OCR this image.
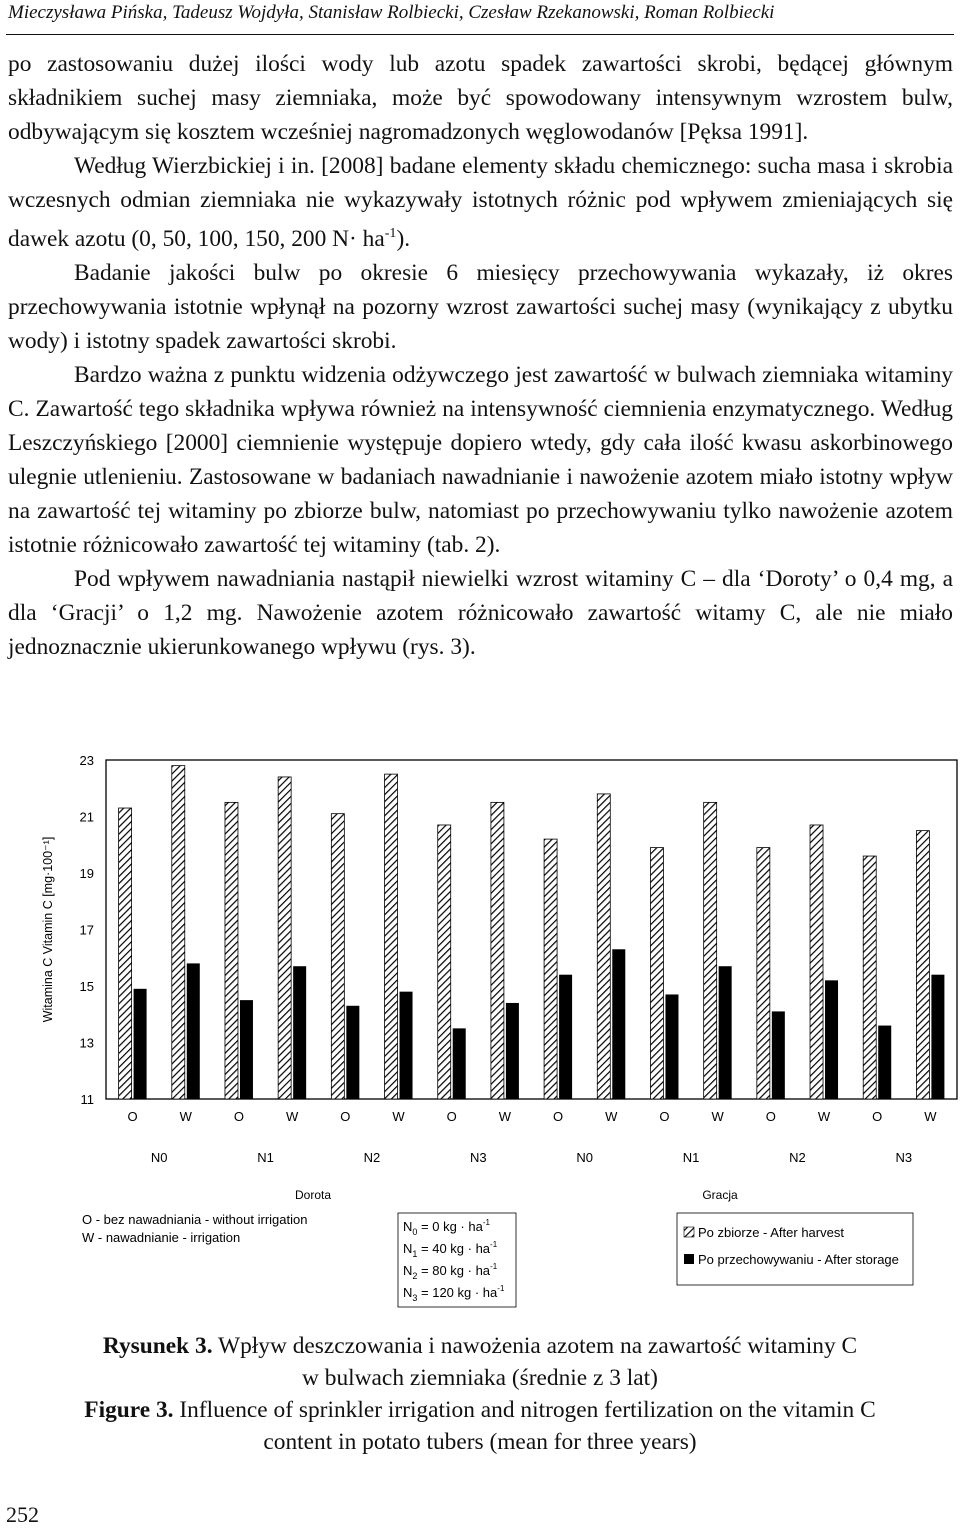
Mieczysława Pińska, Tadeusz Wojdyła, Stanisław Rolbiecki, Czesław Rzekanowski, Roman Rolbiecki

po zastosowaniu dużej ilości wody lub azotu spadek zawartości skrobi, będącej głównym składnikiem suchej masy ziemniaka, może być spowodowany intensywnym wzrostem bulw, odbywającym się kosztem wcześniej nagromadzonych węglowodanów [Pęksa 1991].

Według Wierzbickiej i in. [2008] badane elementy składu chemicznego: sucha masa i skrobia wczesnych odmian ziemniaka nie wykazywały istotnych różnic pod wpływem zmieniających się dawek azotu (0, 50, 100, 150, 200 $N\cdot ha^{-1}$).

Badanie jakości bulw po okresie 6 miesięcy przechowywania wykazały, iż okres przechowywania istotnie wpłynął na pozorny wzrost zawartości suchej masy (wynikający z ubytku wody) i istotny spadek zawartości skrobi.

Bardzo ważna z punktu widzenia odżywczego jest zawartość w bulwach ziemniaka witaminy C. Zawartość tego składnika wpływa również na intensywność ciemnienia enzymatycznego. Według Leszczyńskiego [2000] ciemnienie występuje dopiero wtedy, gdy cała ilość kwasu askorbinowego ulegnie utlenieniu. Zastosowane w badaniach nawadnianie i nawożenie azotem miało istotny wpływ na zawartość tej witaminy po zbiorze bulw, natomiast po przechowywaniu tylko nawożenie azotem istotnie różnicowało zawartość tej witaminy (tab. 2).

Pod wpływem nawadniania nastąpił niewielki wzrost witaminy C – dla ‘Doroty’ o 0,4 mg, a dla ‘Gracji’ o 1,2 mg. Nawożenie azotem różnicowało zawartość witamy C, ale nie miało jednoznacznie ukierunkowanego wpływu (rys. 3).

23
21
19
17
15
13
11
Witamina C Vitamin C [mg·100⁻¹]
O	W	O	W	O	W	O	W	O	W	O	W	O	W	O	W
N0	N1	N2	N3	N0	N1	N2	N3
Dorota	Gracja
O - bez nawadniania - without irrigation
W - nawadnianie - irrigation
$N_0 = 0$ kg · $ha^{-1}$
$N_1 = 40$ kg · $ha^{-1}$
$N_2 = 80$ kg · $ha^{-1}$
$N_3 = 120$ kg · $ha^{-1}$
Po zbiorze - After harvest
Po przechowywaniu - After storage
Rysunek 3. Wpływ deszczowania i nawożenia azotem na zawartość witaminy C
w bulwach ziemniaka (średnie z 3 lat)
Figure 3. Influence of sprinkler irrigation and nitrogen fertilization on the vitamin C
content in potato tubers (mean for three years)
252
